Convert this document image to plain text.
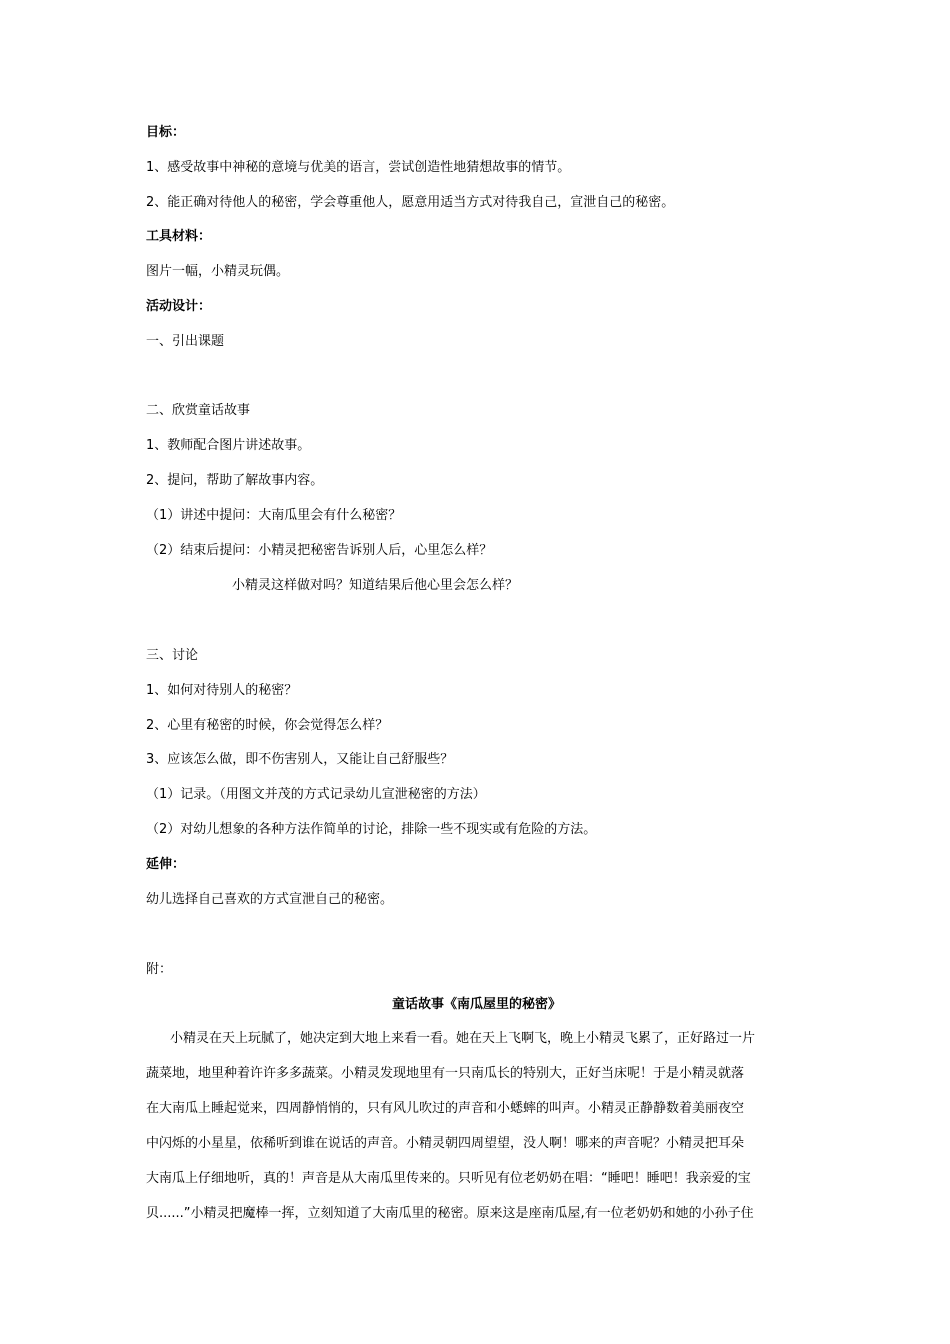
目标：
1、感受故事中神秘的意境与优美的语言，尝试创造性地猜想故事的情节。
2、能正确对待他人的秘密，学会尊重他人，愿意用适当方式对待我自己，宣泄自己的秘密。
工具材料：
图片一幅，小精灵玩偶。
活动设计：
一、引出课题
二、欣赏童话故事
1、教师配合图片讲述故事。
2、提问，帮助了解故事内容。
（1）讲述中提问：大南瓜里会有什么秘密？
（2）结束后提问：小精灵把秘密告诉别人后，心里怎么样？
小精灵这样做对吗？知道结果后他心里会怎么样？
三、讨论
1、如何对待别人的秘密？
2、心里有秘密的时候，你会觉得怎么样？
3、应该怎么做，即不伤害别人，又能让自己舒服些？
（1）记录。（用图文并茂的方式记录幼儿宣泄秘密的方法）
（2）对幼儿想象的各种方法作简单的讨论，排除一些不现实或有危险的方法。
延伸：
幼儿选择自己喜欢的方式宣泄自己的秘密。
附：
童话故事《南瓜屋里的秘密》
小精灵在天上玩腻了，她决定到大地上来看一看。她在天上飞啊飞，晚上小精灵飞累了，正好路过一片
蔬菜地，地里种着许许多多蔬菜。小精灵发现地里有一只南瓜长的特别大，正好当床呢！于是小精灵就落
在大南瓜上睡起觉来，四周静悄悄的，只有风儿吹过的声音和小蟋蟀的叫声。小精灵正静静数着美丽夜空
中闪烁的小星星，依稀听到谁在说话的声音。小精灵朝四周望望，没人啊！哪来的声音呢？小精灵把耳朵
大南瓜上仔细地听，真的！声音是从大南瓜里传来的。只听见有位老奶奶在唱：“睡吧！睡吧！我亲爱的宝
贝......”小精灵把魔棒一挥，立刻知道了大南瓜里的秘密。原来这是座南瓜屋,有一位老奶奶和她的小孙子住
